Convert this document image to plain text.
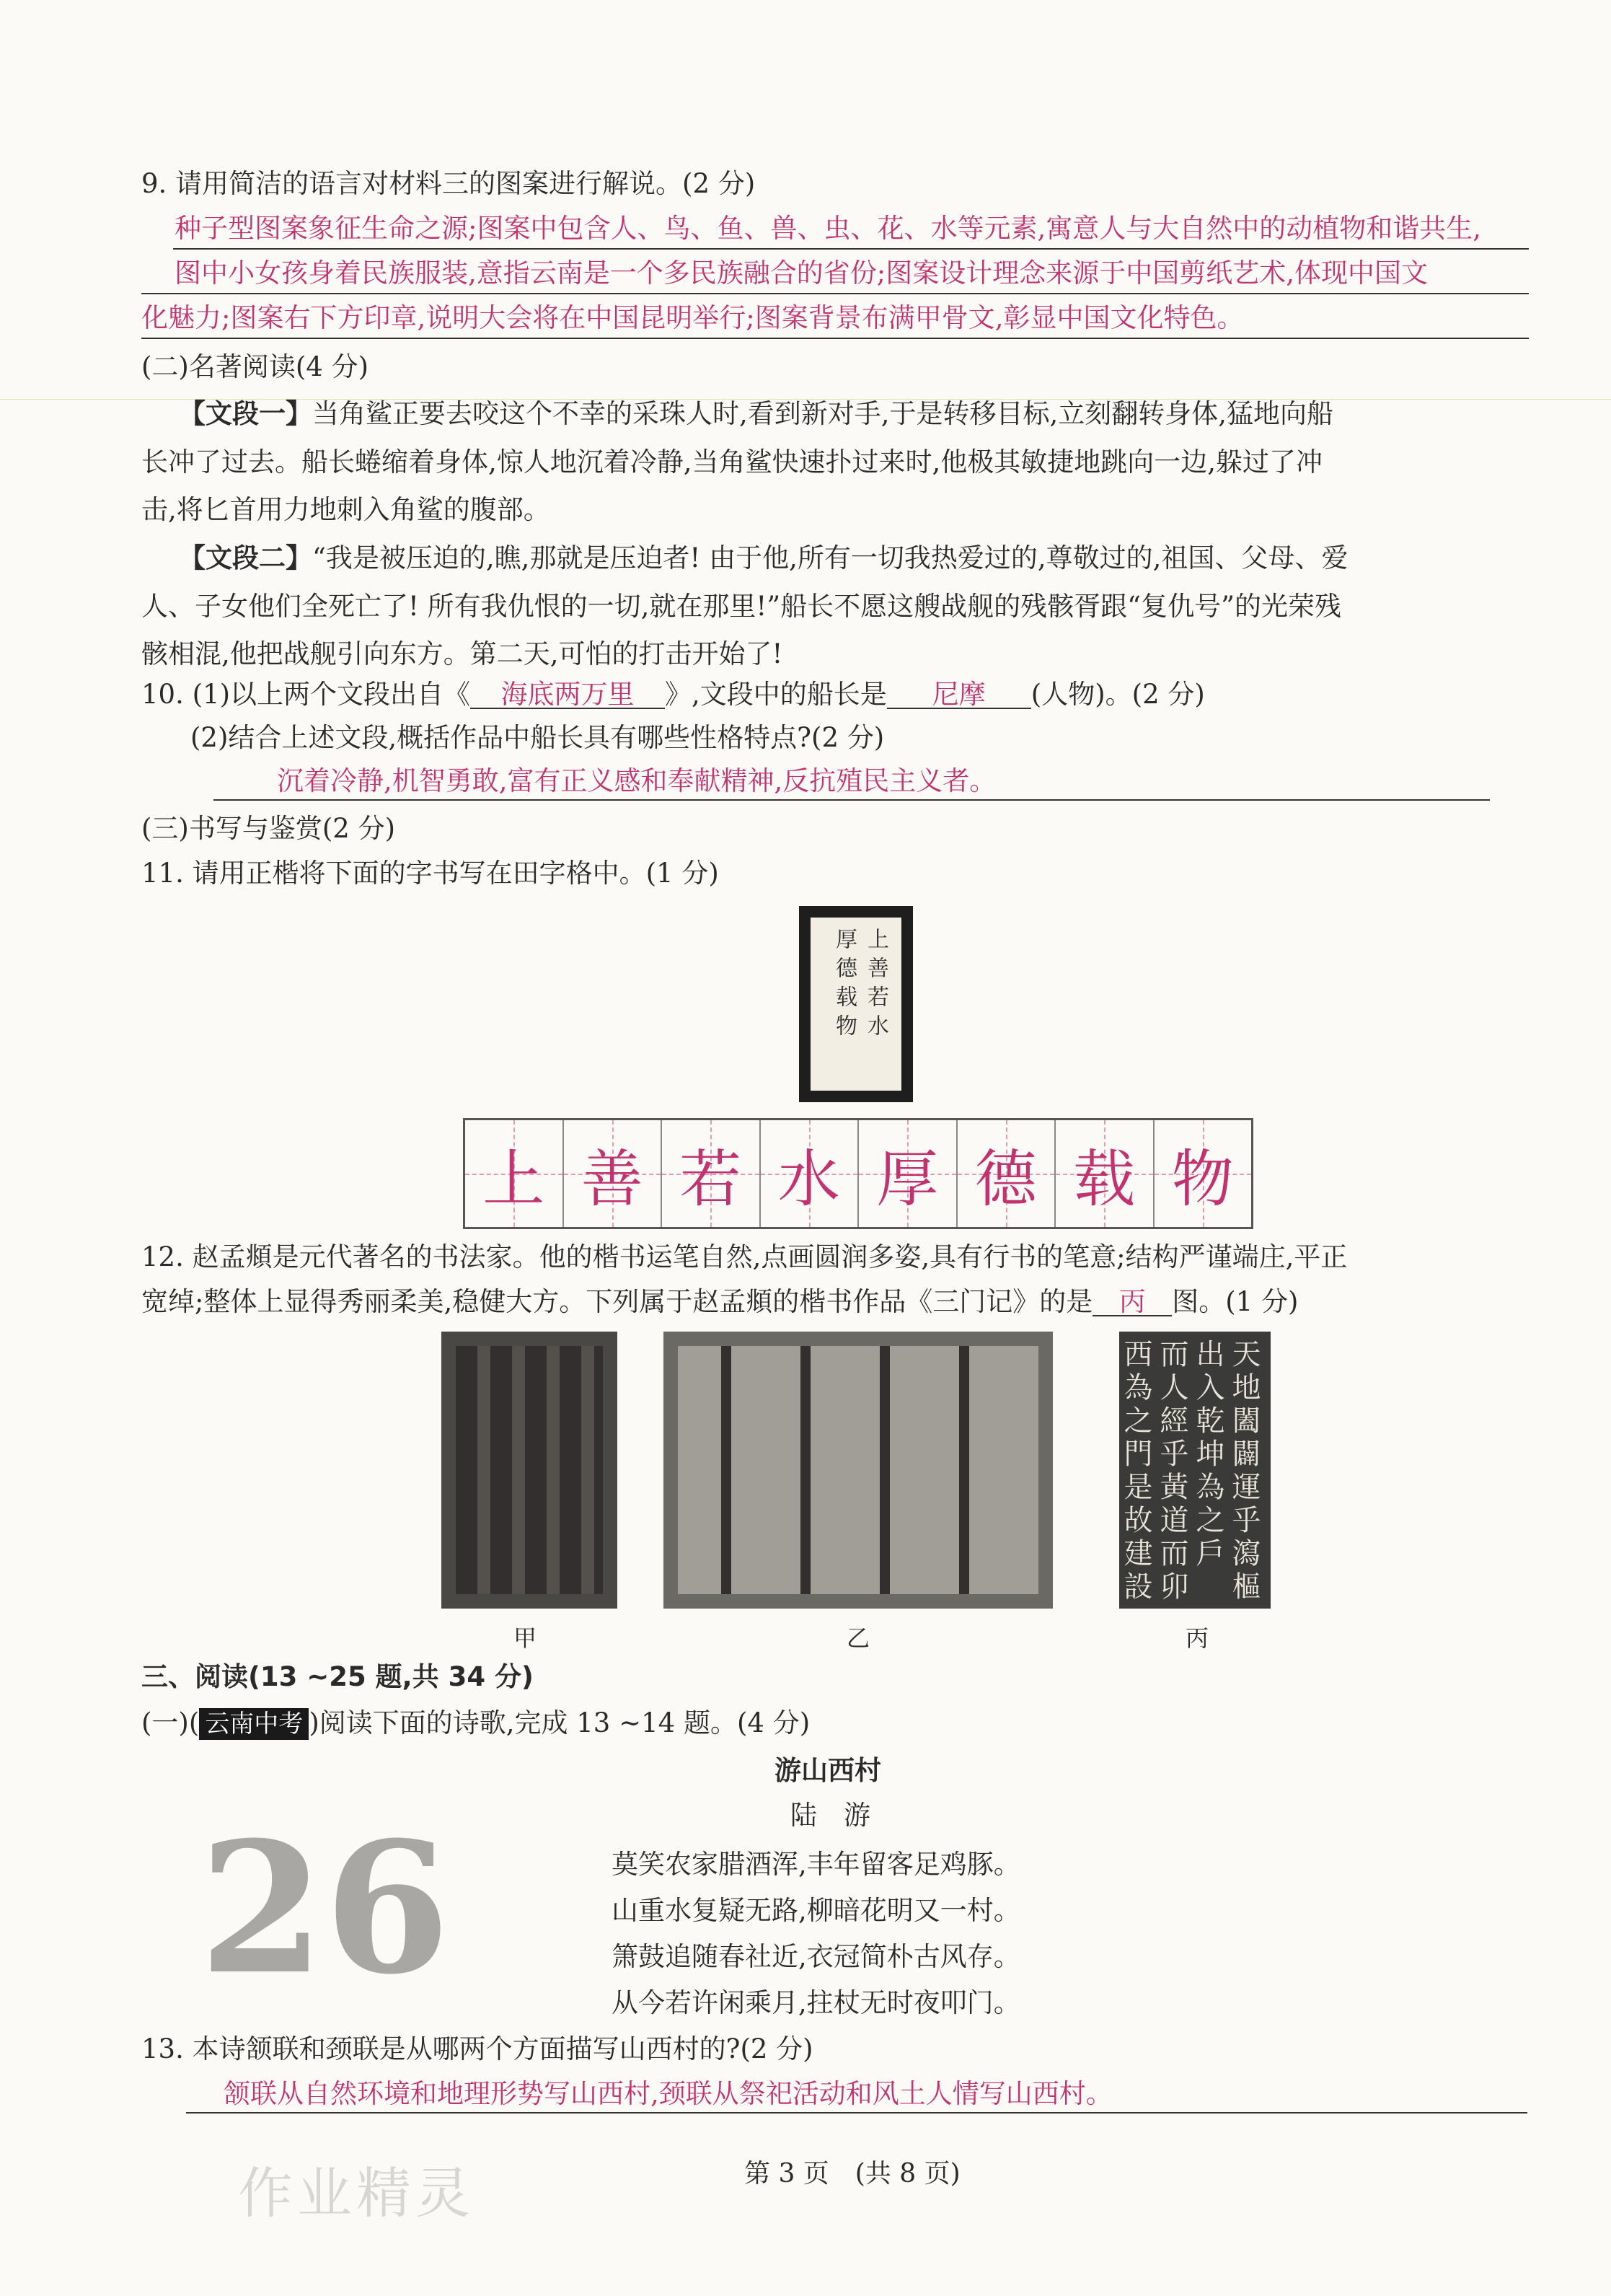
9. 请用简洁的语言对材料三的图案进行解说。(2 分)
种子型图案象征生命之源;图案中包含人、鸟、鱼、兽、虫、花、水等元素,寓意人与大自然中的动植物和谐共生,
图中小女孩身着民族服装,意指云南是一个多民族融合的省份;图案设计理念来源于中国剪纸艺术,体现中国文
化魅力;图案右下方印章,说明大会将在中国昆明举行;图案背景布满甲骨文,彰显中国文化特色。
(二)名著阅读(4 分)
【文段一】当角鲨正要去咬这个不幸的采珠人时,看到新对手,于是转移目标,立刻翻转身体,猛地向船
长冲了过去。船长蜷缩着身体,惊人地沉着冷静,当角鲨快速扑过来时,他极其敏捷地跳向一边,躲过了冲
击,将匕首用力地刺入角鲨的腹部。
【文段二】“我是被压迫的,瞧,那就是压迫者! 由于他,所有一切我热爱过的,尊敬过的,祖国、父母、爱
人、子女他们全死亡了! 所有我仇恨的一切,就在那里!”船长不愿这艘战舰的残骸胥跟“复仇号”的光荣残
骸相混,他把战舰引向东方。第二天,可怕的打击开始了!
10. (1)以上两个文段出自《 海底两万里 》,文段中的船长是 尼摩 (人物)。(2 分)
(2)结合上述文段,概括作品中船长具有哪些性格特点?(2 分)
沉着冷静,机智勇敢,富有正义感和奉献精神,反抗殖民主义者。
(三)书写与鉴赏(2 分)
11. 请用正楷将下面的字书写在田字格中。(1 分)
上善若水
厚德载物
上 善 若 水 厚 德 载 物
12. 赵孟頫是元代著名的书法家。他的楷书运笔自然,点画圆润多姿,具有行书的笔意;结构严谨端庄,平正
宽绰;整体上显得秀丽柔美,稳健大方。下列属于赵孟頫的楷书作品《三门记》的是 丙 图。(1 分)
天地闔闢運乎瀉樞
出入乾坤為之戶
而人經乎黃道而卯
西為之門是故建設
甲	乙	丙
三、阅读(13 ~25 题,共 34 分)
(一)( 云南中考 )阅读下面的诗歌,完成 13 ~14 题。(4 分)
游山西村
陆　游
26	莫笑农家腊酒浑,丰年留客足鸡豚。
山重水复疑无路,柳暗花明又一村。
箫鼓追随春社近,衣冠简朴古风存。
从今若许闲乘月,拄杖无时夜叩门。
13. 本诗颔联和颈联是从哪两个方面描写山西村的?(2 分)
颔联从自然环境和地理形势写山西村,颈联从祭祀活动和风土人情写山西村。
作业精灵	第 3 页　(共 8 页)
